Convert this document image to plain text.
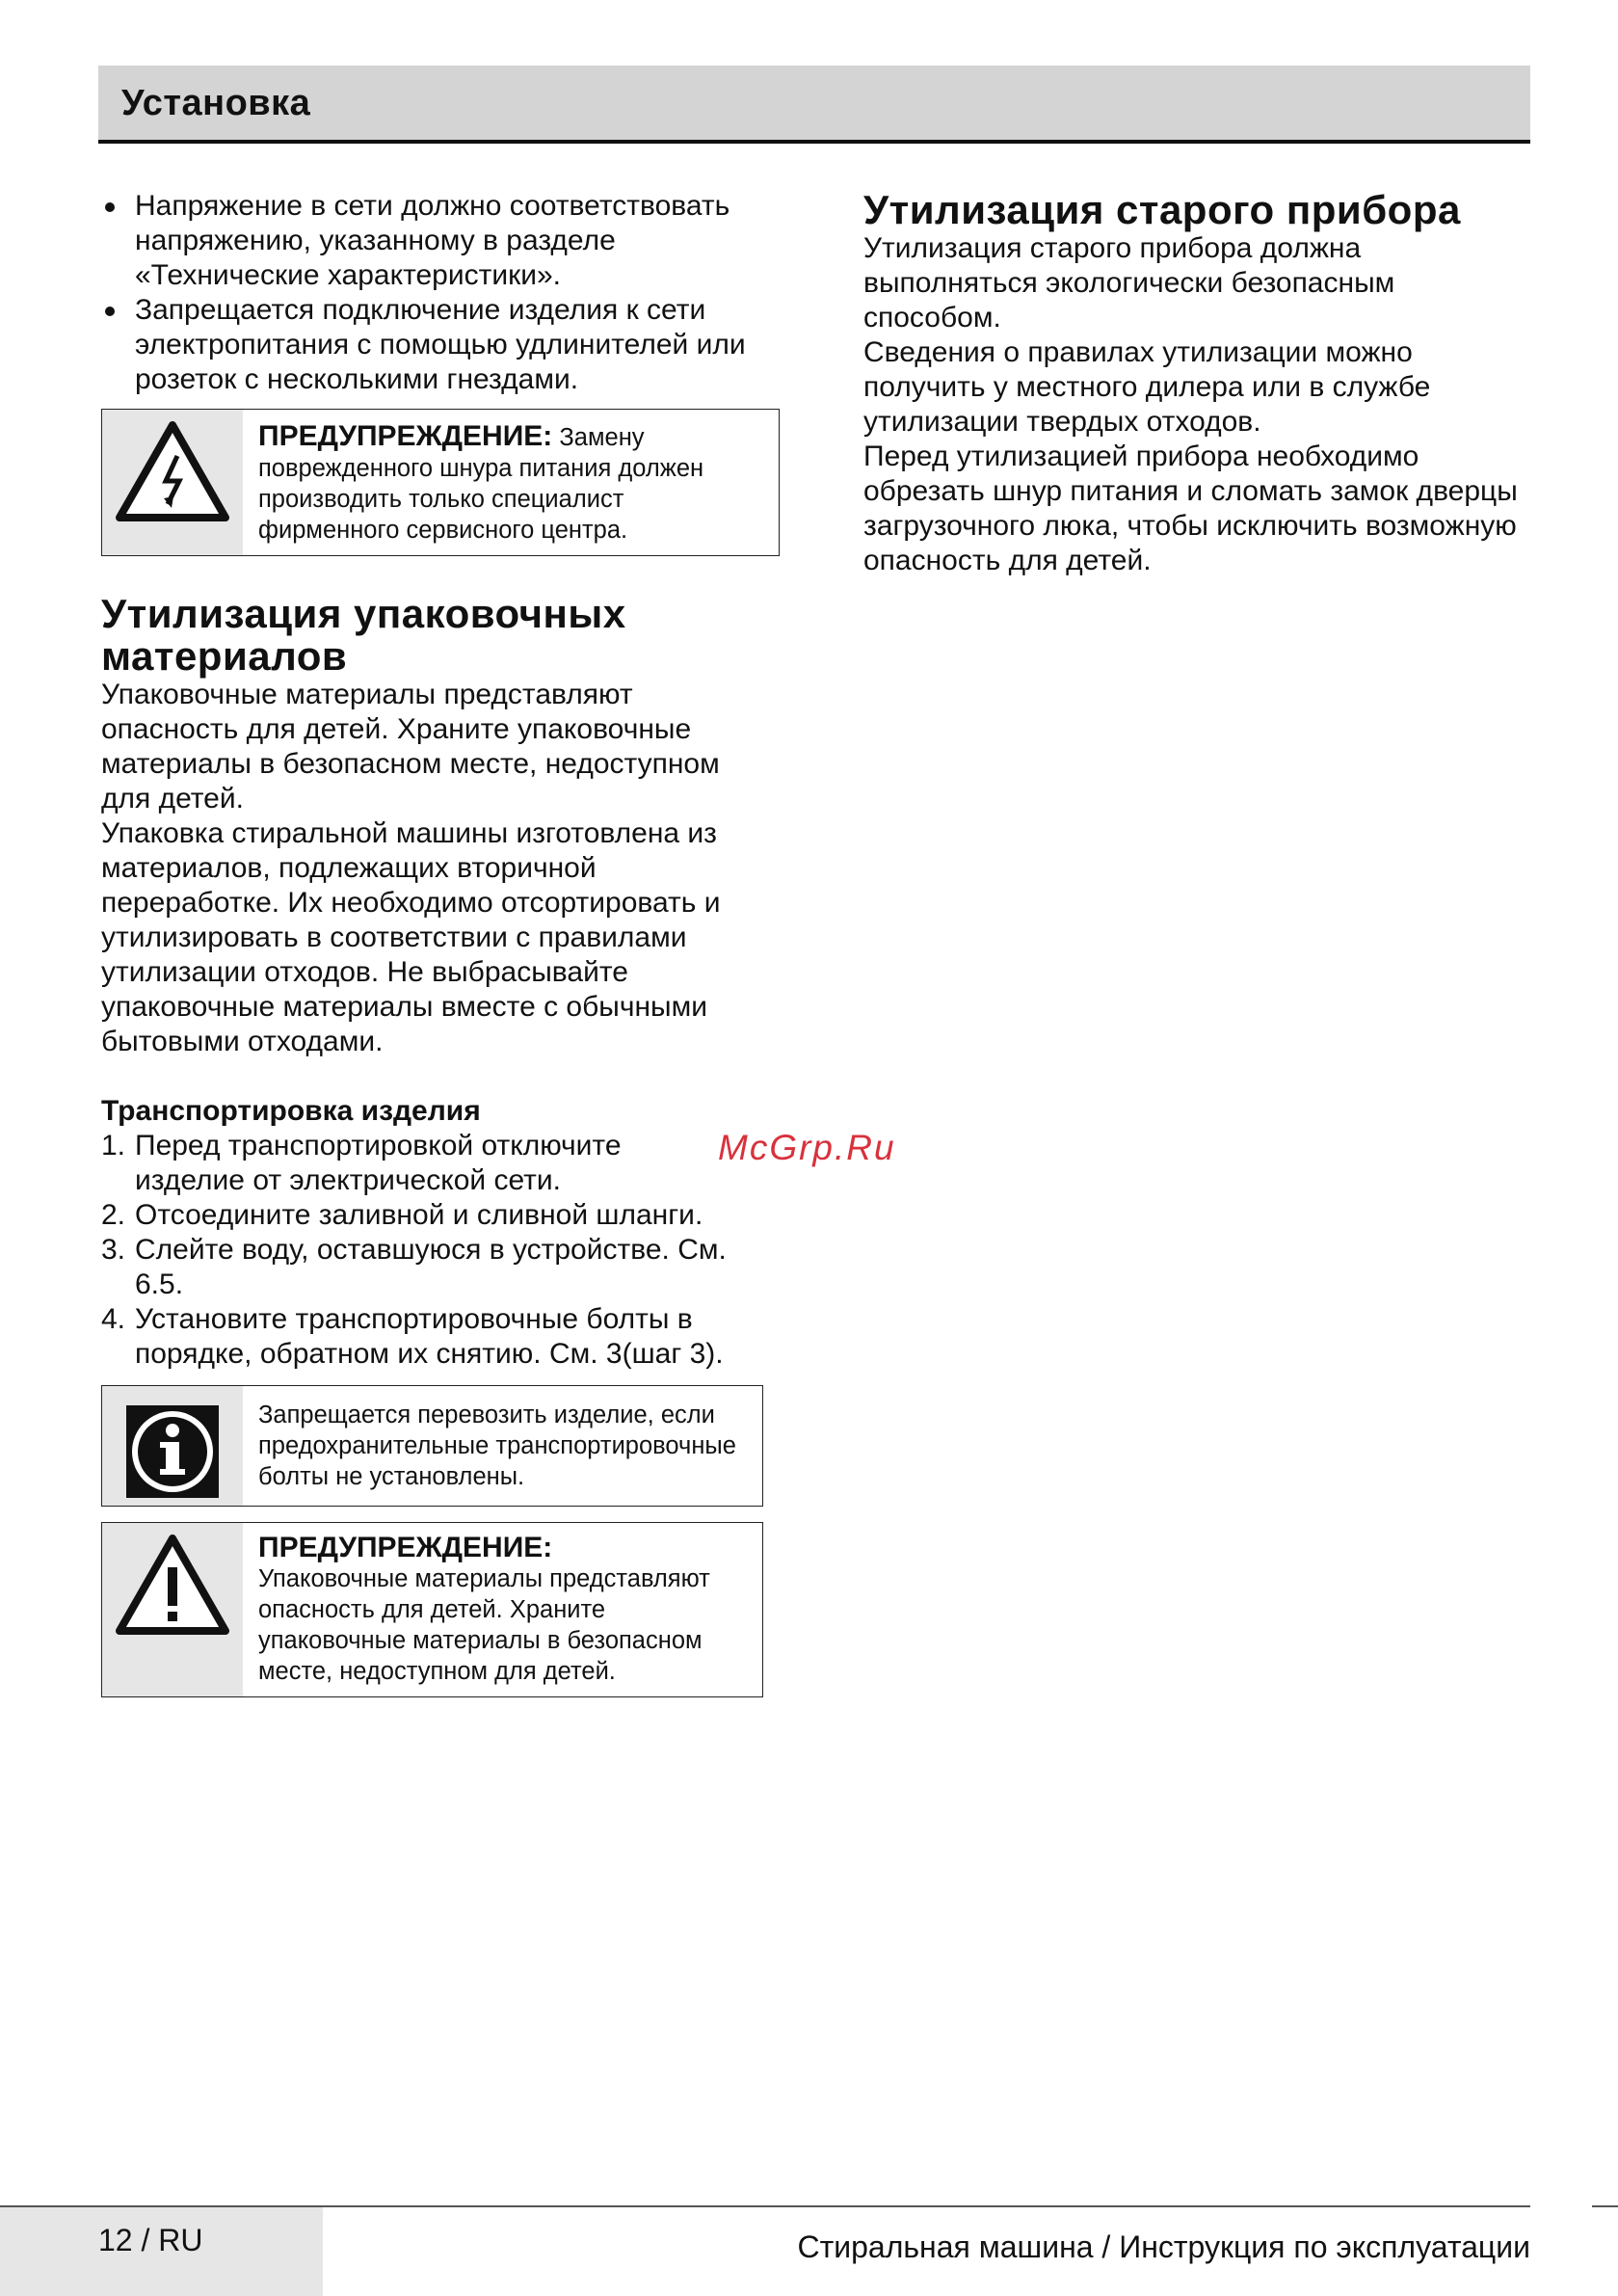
Установка
Напряжение в сети должно соответствовать напряжению, указанному в разделе «Технические характеристики».
Запрещается подключение изделия к сети электропитания с помощью удлинителей или розеток с несколькими гнездами.
ПРЕДУПРЕЖДЕНИЕ: Замену поврежденного шнура питания должен производить только специалист фирменного сервисного центра.
Утилизация упаковочных материалов

Упаковочные материалы представляют опасность для детей. Храните упаковочные материалы в безопасном месте, недоступном для детей.

Упаковка стиральной машины изготовлена из материалов, подлежащих вторичной переработке. Их необходимо отсортировать и утилизировать в соответствии с правилами утилизации отходов. Не выбрасывайте упаковочные материалы вместе с обычными бытовыми отходами.

Транспортировка изделия
1. Перед транспортировкой отключите изделие от электрической сети.
2. Отсоедините заливной и сливной шланги.
3. Слейте воду, оставшуюся в устройстве. См. 6.5.
4. Установите транспортировочные болты в порядке, обратном их снятию. См. 3(шаг 3).
Запрещается перевозить изделие, если предохранительные транспортировочные болты не установлены.
ПРЕДУПРЕЖДЕНИЕ:
Упаковочные материалы представляют опасность для детей. Храните упаковочные материалы в безопасном месте, недоступном для детей.
Утилизация старого прибора

Утилизация старого прибора должна выполняться экологически безопасным способом.

Сведения о правилах утилизации можно получить у местного дилера или в службе утилизации твердых отходов.

Перед утилизацией прибора необходимо обрезать шнур питания и сломать замок дверцы загрузочного люка, чтобы исключить возможную опасность для детей.

McGrp.Ru
12 / RU	Стиральная машина / Инструкция по эксплуатации
